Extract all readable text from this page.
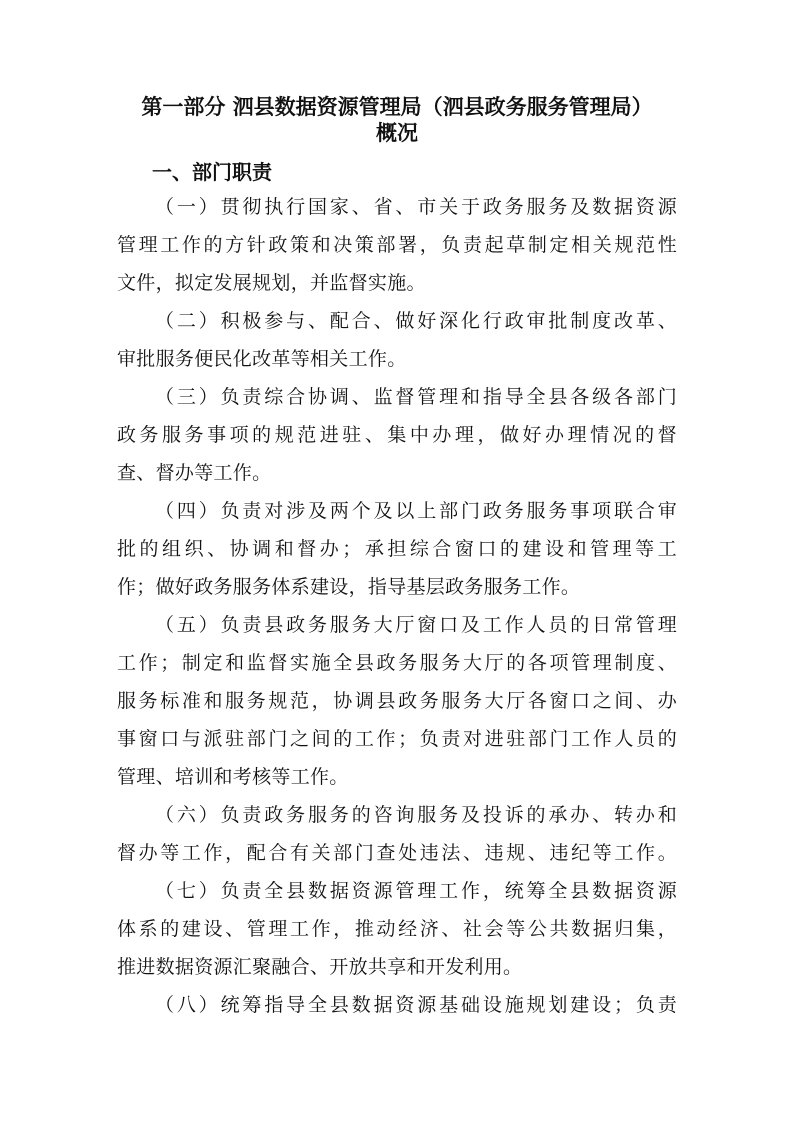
第一部分 泗县数据资源管理局（泗县政务服务管理局）
概况
一、部门职责

（一）贯彻执行国家、省、市关于政务服务及数据资源

管理工作的方针政策和决策部署，负责起草制定相关规范性

文件，拟定发展规划，并监督实施。

（二）积极参与、配合、做好深化行政审批制度改革、

审批服务便民化改革等相关工作。

（三）负责综合协调、监督管理和指导全县各级各部门

政务服务事项的规范进驻、集中办理，做好办理情况的督

查、督办等工作。

（四）负责对涉及两个及以上部门政务服务事项联合审

批的组织、协调和督办；承担综合窗口的建设和管理等工

作；做好政务服务体系建设，指导基层政务服务工作。

（五）负责县政务服务大厅窗口及工作人员的日常管理

工作；制定和监督实施全县政务服务大厅的各项管理制度、

服务标准和服务规范，协调县政务服务大厅各窗口之间、办

事窗口与派驻部门之间的工作；负责对进驻部门工作人员的

管理、培训和考核等工作。

（六）负责政务服务的咨询服务及投诉的承办、转办和

督办等工作，配合有关部门查处违法、违规、违纪等工作。

（七）负责全县数据资源管理工作，统筹全县数据资源

体系的建设、管理工作，推动经济、社会等公共数据归集，

推进数据资源汇聚融合、开放共享和开发利用。

（八）统筹指导全县数据资源基础设施规划建设；负责
